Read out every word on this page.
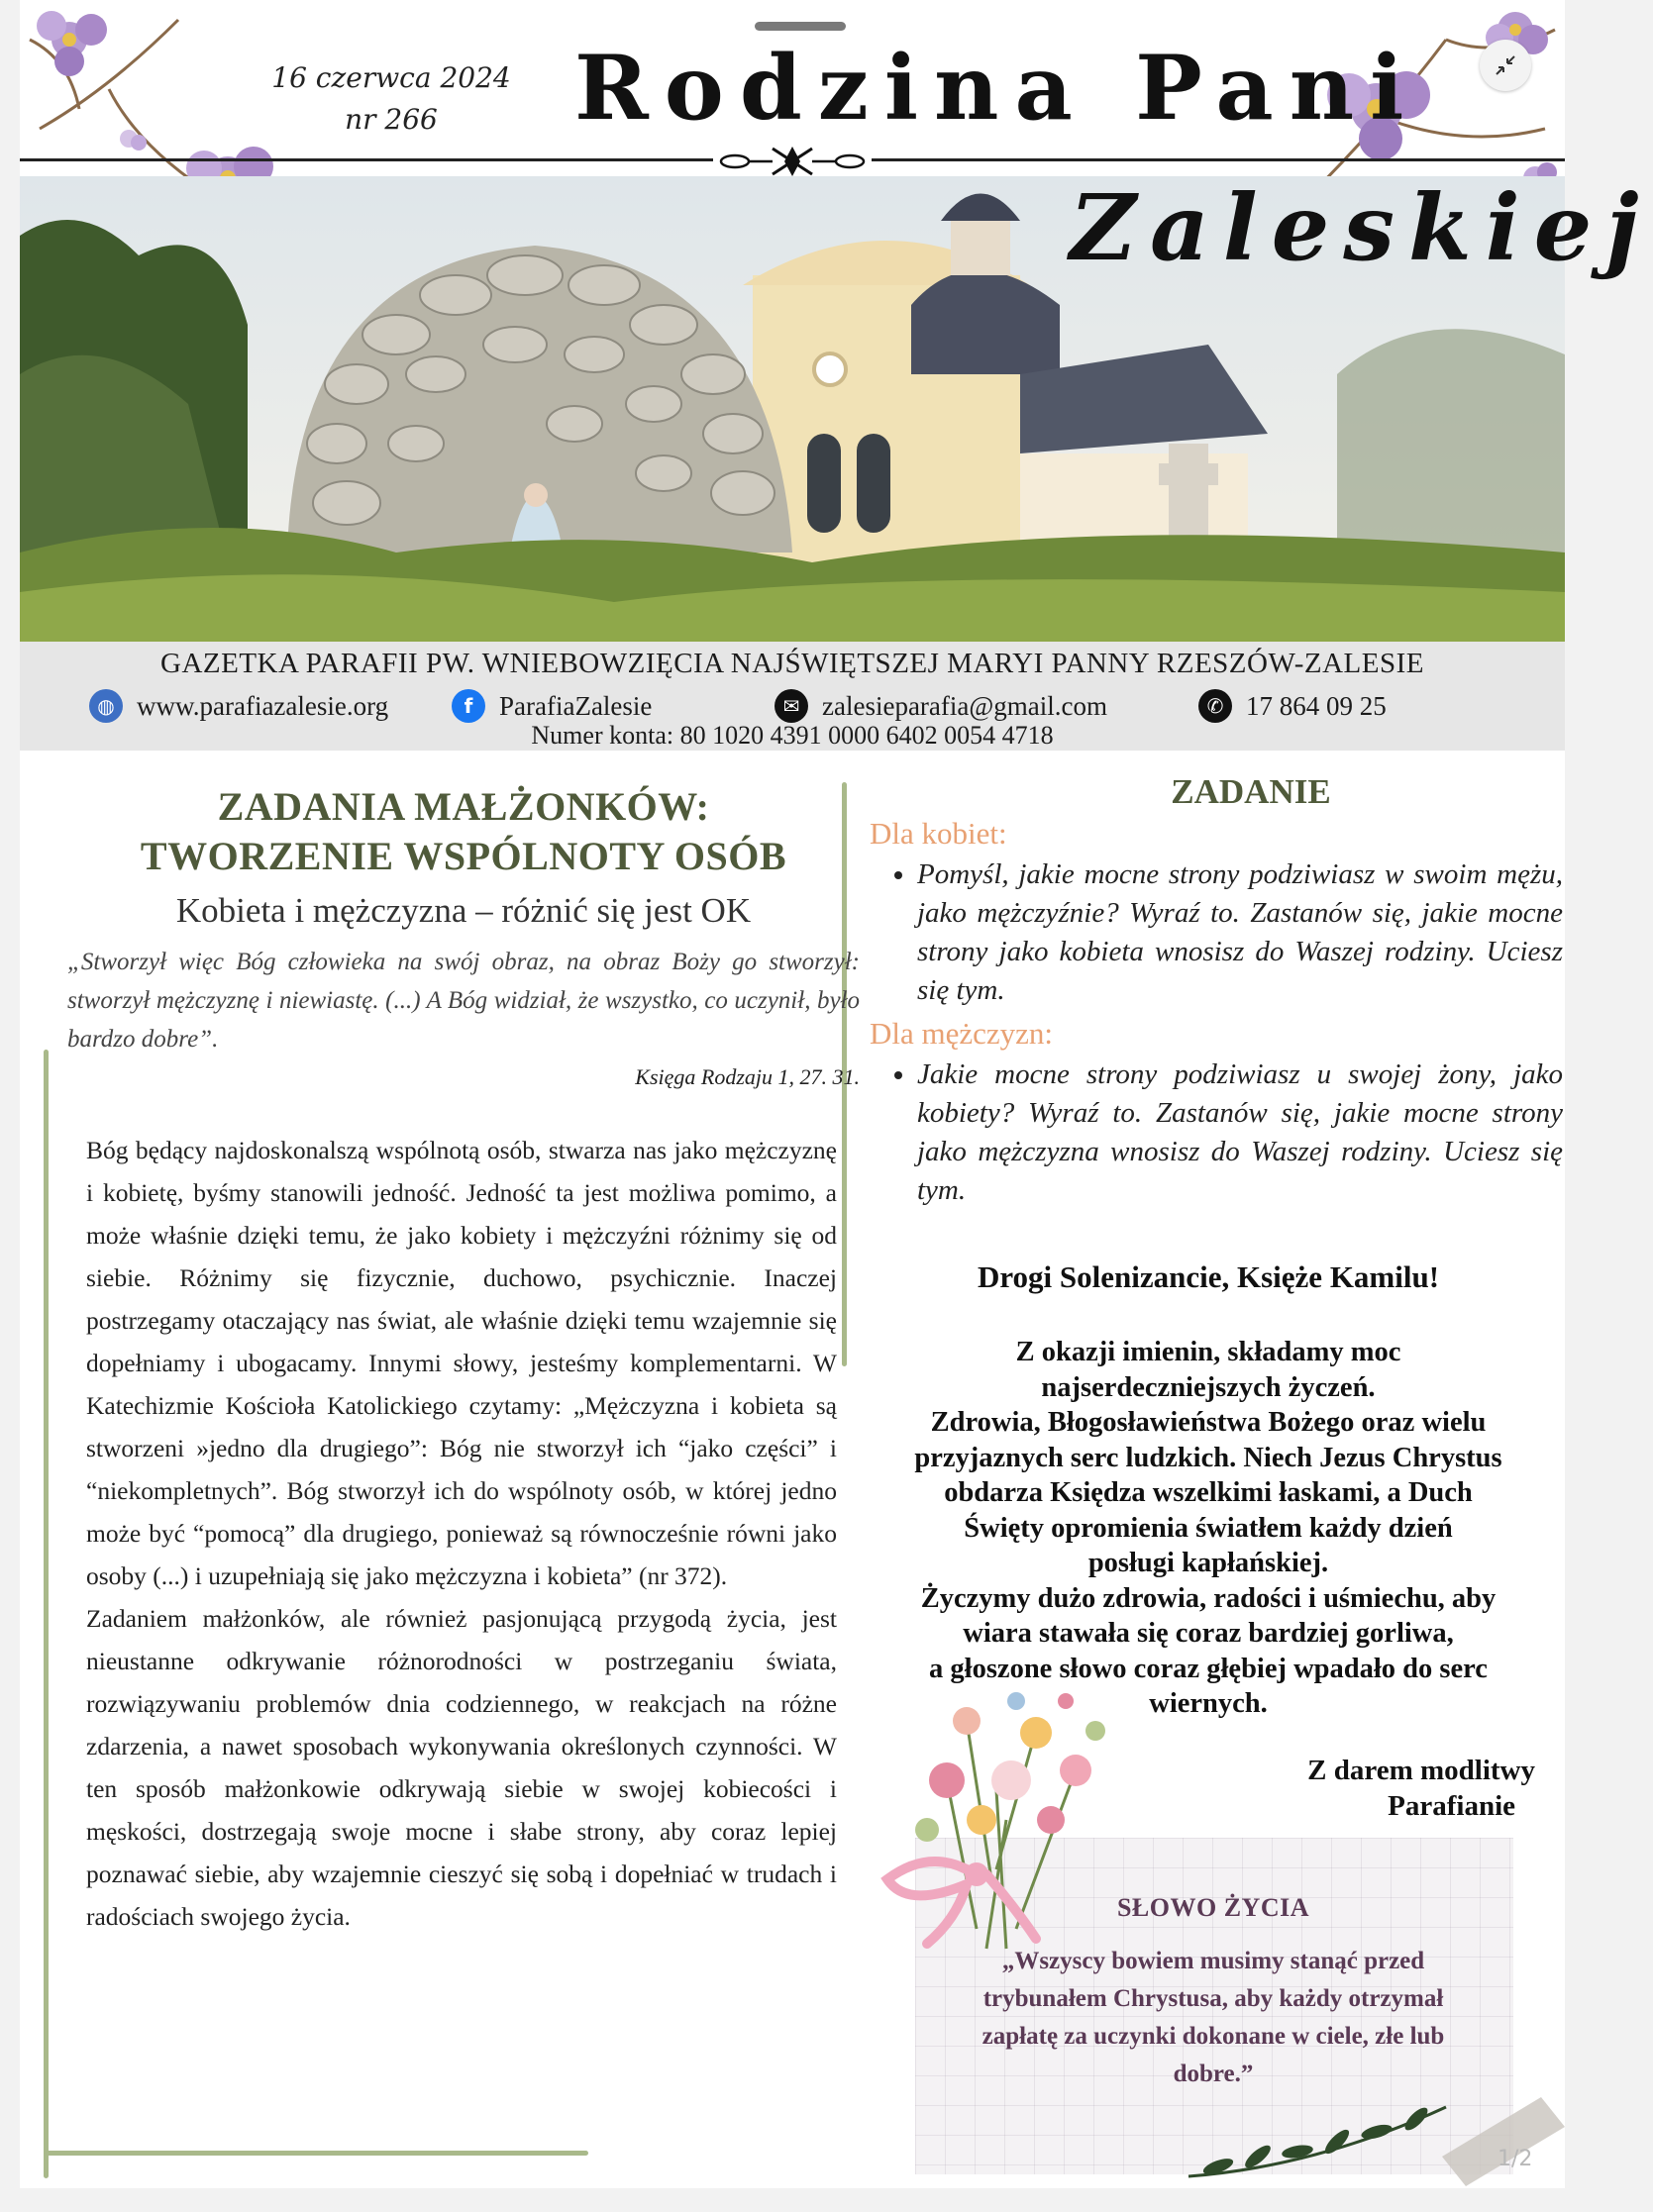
16 czerwca 2024
nr 266	Rodzina Pani
Zaleskiej
GAZETKA PARAFII PW. WNIEBOWZIĘCIA NAJŚWIĘTSZEJ MARYI PANNY RZESZÓW-ZALESIE
◍ www.parafiazalesie.org	f ParafiaZalesie	✉ zalesieparafia@gmail.com	✆ 17 864 09 25
Numer konta: 80 1020 4391 0000 6402 0054 4718
ZADANIA MAŁŻONKÓW:
TWORZENIE WSPÓLNOTY OSÓB
Kobieta i mężczyzna – różnić się jest OK
„Stworzył więc Bóg człowieka na swój obraz, na obraz Boży go stworzył: stworzył mężczyznę i niewiastę. (...) A Bóg widział, że wszystko, co uczynił, było bardzo dobre”.
Księga Rodzaju 1, 27. 31.

Bóg będący najdoskonalszą wspólnotą osób, stwarza nas jako mężczyznę i kobietę, byśmy stanowili jedność. Jedność ta jest możliwa pomimo, a może właśnie dzięki temu, że jako kobiety i mężczyźni różnimy się od siebie. Różnimy się fizycznie, duchowo, psychicznie. Inaczej postrzegamy otaczający nas świat, ale właśnie dzięki temu wzajemnie się dopełniamy i ubogacamy. Innymi słowy, jesteśmy komplementarni. W Katechizmie Kościoła Katolickiego czytamy: „Mężczyzna i kobieta są stworzeni »jedno dla drugiego”: Bóg nie stworzył ich “jako części” i “niekompletnych”. Bóg stworzył ich do wspólnoty osób, w której jedno może być “pomocą” dla drugiego, ponieważ są równocześnie równi jako osoby (...) i uzupełniają się jako mężczyzna i kobieta” (nr 372).

Zadaniem małżonków, ale również pasjonującą przygodą życia, jest nieustanne odkrywanie różnorodności w postrzeganiu świata, rozwiązywaniu problemów dnia codziennego, w reakcjach na różne zdarzenia, a nawet sposobach wykonywania określonych czynności. W ten sposób małżonkowie odkrywają siebie w swojej kobiecości i męskości, dostrzegają swoje mocne i słabe strony, aby coraz lepiej poznawać siebie, aby wzajemnie cieszyć się sobą i dopełniać w trudach i radościach swojego życia.

ZADANIE
Dla kobiet:
• Pomyśl, jakie mocne strony podziwiasz w swoim mężu, jako mężczyźnie? Wyraź to. Zastanów się, jakie mocne strony jako kobieta wnosisz do Waszej rodziny. Uciesz się tym.
Dla mężczyzn:
• Jakie mocne strony podziwiasz u swojej żony, jako kobiety? Wyraź to. Zastanów się, jakie mocne strony jako mężczyzna wnosisz do Waszej rodziny. Uciesz się tym.
Drogi Solenizancie, Księże Kamilu!
Z okazji imienin, składamy moc
najserdeczniejszych życzeń.
Zdrowia, Błogosławieństwa Bożego oraz wielu
przyjaznych serc ludzkich. Niech Jezus Chrystus
obdarza Księdza wszelkimi łaskami, a Duch
Święty opromienia światłem każdy dzień
posługi kapłańskiej.
Życzymy dużo zdrowia, radości i uśmiechu, aby
wiara stawała się coraz bardziej gorliwa,
a głoszone słowo coraz głębiej wpadało do serc
wiernych.
SŁOWO ŻYCIA
„Wszyscy bowiem musimy stanąć przed trybunałem Chrystusa, aby każdy otrzymał zapłatę za uczynki dokonane w ciele, złe lub dobre.”
Z darem modlitwy
Parafianie
1/2
